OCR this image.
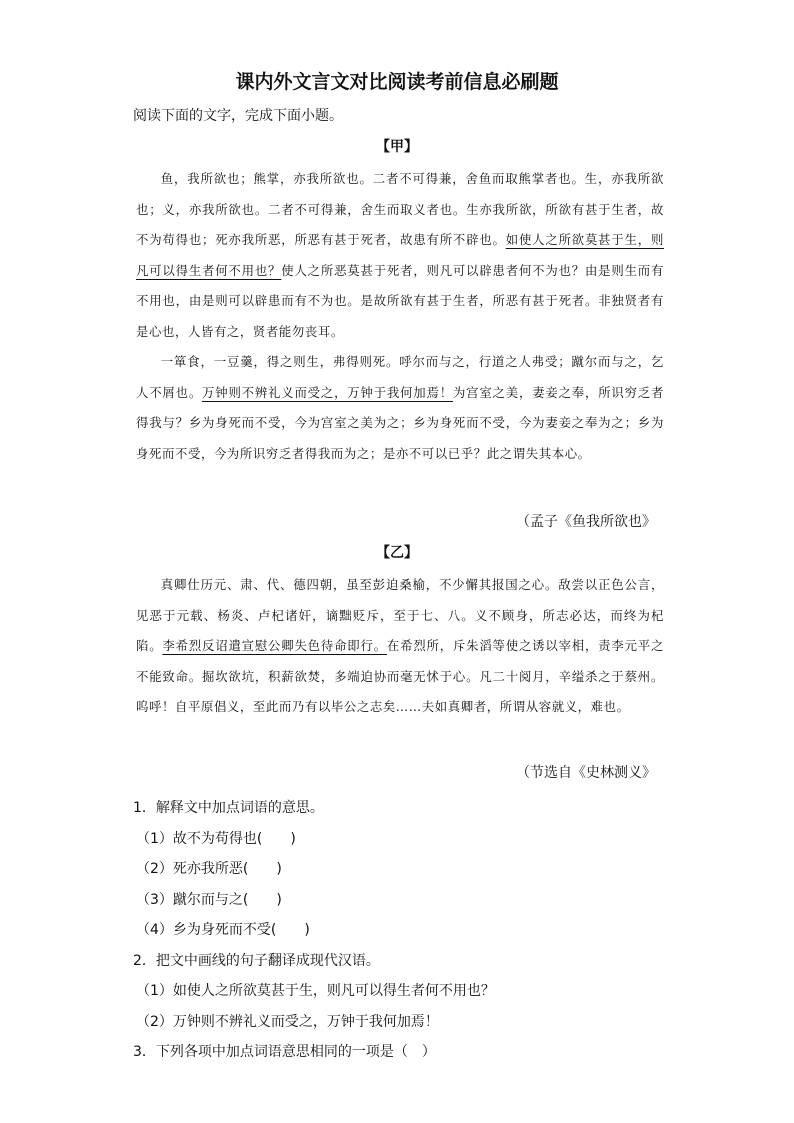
课内外文言文对比阅读考前信息必刷题
阅读下面的文字，完成下面小题。
【甲】

鱼，我所欲也；熊掌，亦我所欲也。二者不可得兼，舍鱼而取熊掌者也。生，亦我所欲也；义，亦我所欲也。二者不可得兼，舍生而取义者也。生亦我所欲，所欲有甚于生者，故不为苟得也；死亦我所恶，所恶有甚于死者，故患有所不辟也。如使人之所欲莫甚于生，则凡可以得生者何不用也？使人之所恶莫甚于死者，则凡可以辟患者何不为也？由是则生而有不用也，由是则可以辟患而有不为也。是故所欲有甚于生者，所恶有甚于死者。非独贤者有是心也，人皆有之，贤者能勿丧耳。

一箪食，一豆羹，得之则生，弗得则死。呼尔而与之，行道之人弗受；蹴尔而与之，乞人不屑也。万钟则不辨礼义而受之，万钟于我何加焉！为宫室之美，妻妾之奉，所识穷乏者得我与？乡为身死而不受，今为宫室之美为之；乡为身死而不受，今为妻妾之奉为之；乡为身死而不受，今为所识穷乏者得我而为之；是亦不可以已乎？此之谓失其本心。

（孟子《鱼我所欲也》
【乙】

真卿仕历元、肃、代、德四朝，虽至彭迫桑榆，不少懈其报国之心。敌尝以正色公言，见恶于元载、杨炎、卢杞诸奸，谪黜贬斥，至于七、八。义不顾身，所志必达，而终为杞陷。李希烈反诏遣宣慰公卿失色待命即行。在希烈所，斥朱滔等使之诱以宰相，责李元平之不能致命。掘坎欲坑，积薪欲焚，多端迫协而毫无怵于心。凡二十阅月，辛缢杀之于蔡州。呜呼！自平原倡义，至此而乃有以毕公之志矣……夫如真卿者，所谓从容就义，难也。

（节选自《史林测义》
1．解释文中加点词语的意思。
（1）故不为苟得也(　　)
（2）死亦我所恶(　　)
（3）蹴尔而与之(　　)
（4）乡为身死而不受(　　)
2．把文中画线的句子翻译成现代汉语。
（1）如使人之所欲莫甚于生，则凡可以得生者何不用也？
（2）万钟则不辨礼义而受之，万钟于我何加焉！
3．下列各项中加点词语意思相同的一项是（　）
